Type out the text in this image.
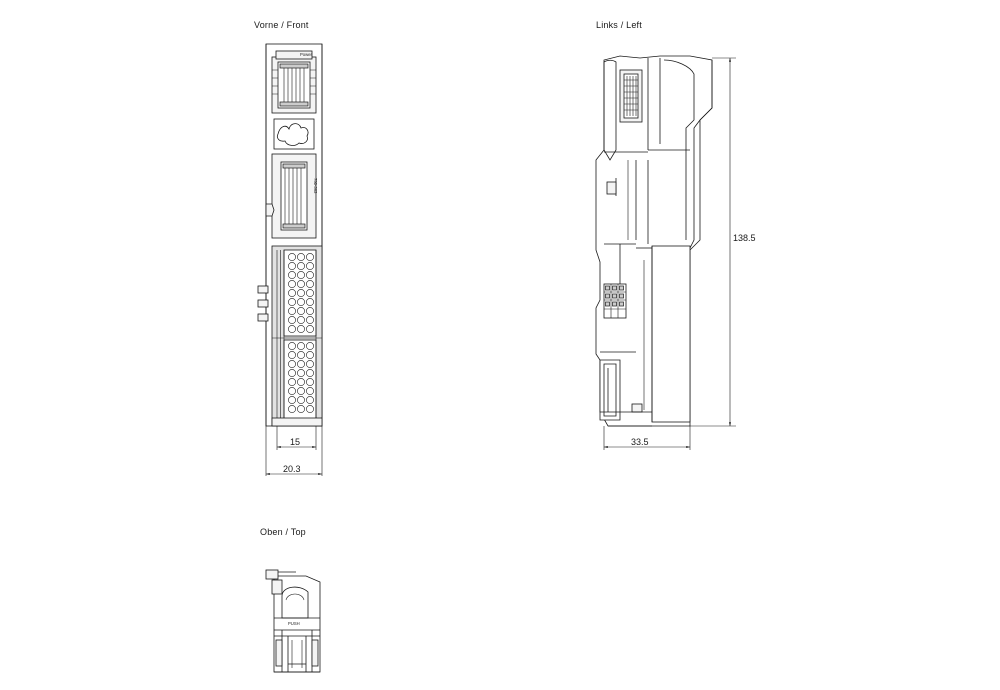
Vorne / Front	Links / Left
Oben / Top
15
20.3
33.5
138.5
Power
750-363
PUSH
